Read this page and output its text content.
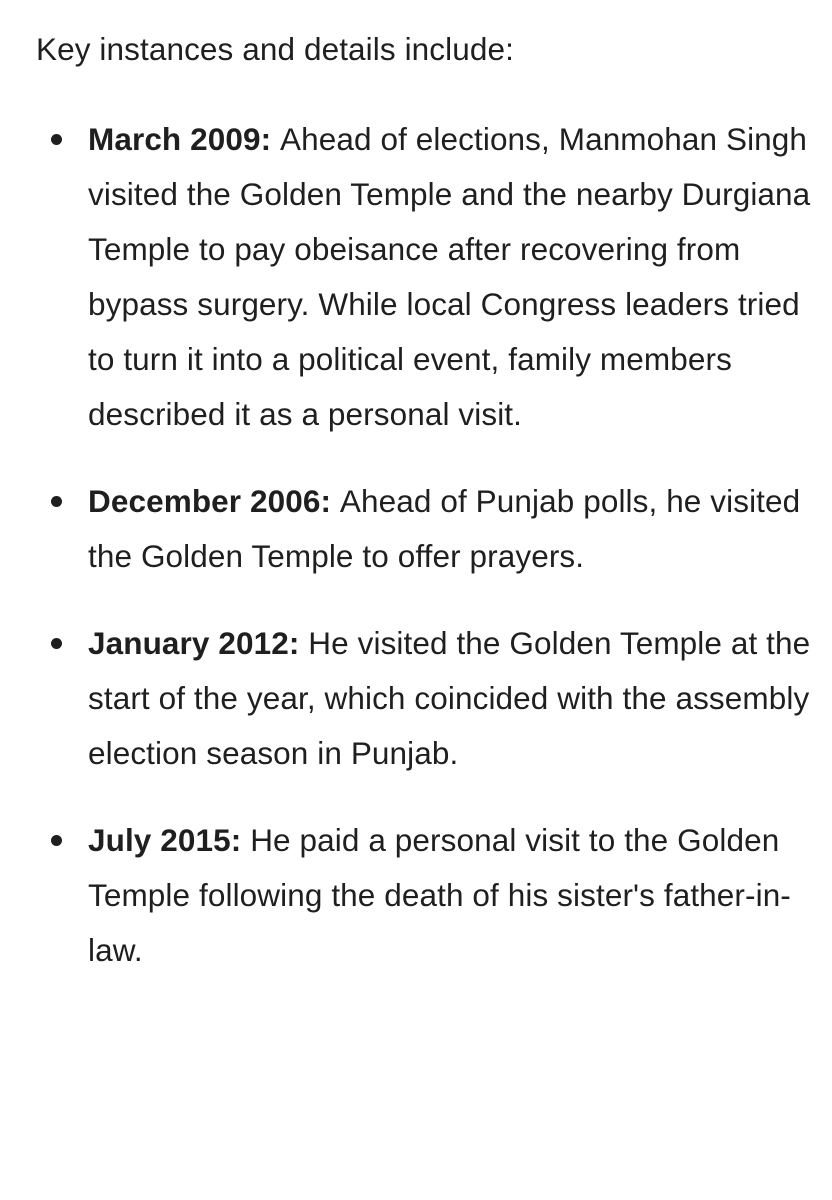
Key instances and details include:

March 2009: Ahead of elections, Manmohan Singh visited the Golden Temple and the nearby Durgiana Temple to pay obeisance after recovering from bypass surgery. While local Congress leaders tried to turn it into a political event, family members described it as a personal visit.
December 2006: Ahead of Punjab polls, he visited the Golden Temple to offer prayers.
January 2012: He visited the Golden Temple at the start of the year, which coincided with the assembly election season in Punjab.
July 2015: He paid a personal visit to the Golden Temple following the death of his sister's father-in-law.
